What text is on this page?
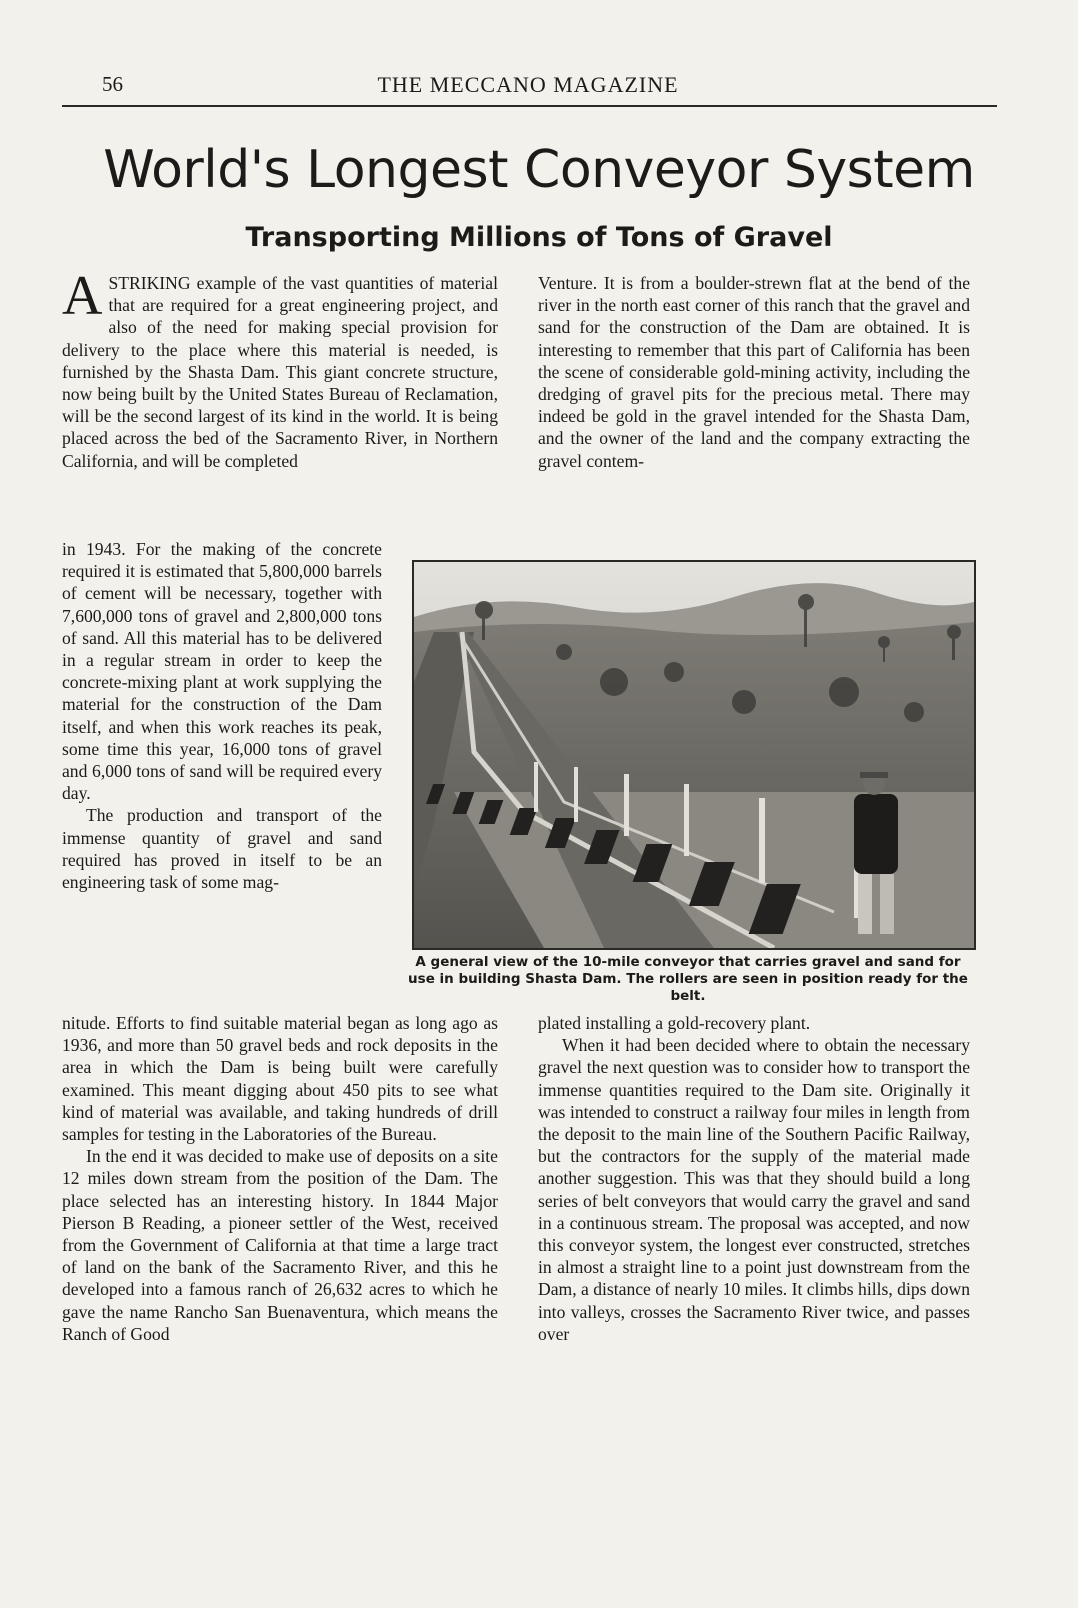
56	THE MECCANO MAGAZINE
World's Longest Conveyor System
Transporting Millions of Tons of Gravel

ASTRIKING example of the vast quantities of material that are required for a great engineering project, and also of the need for making special provision for delivery to the place where this material is needed, is furnished by the Shasta Dam. This giant concrete structure, now being built by the United States Bureau of Reclamation, will be the second largest of its kind in the world. It is being placed across the bed of the Sacramento River, in Northern California, and will be completed

in 1943. For the making of the concrete required it is estimated that 5,800,000 barrels of cement will be necessary, together with 7,600,000 tons of gravel and 2,800,000 tons of sand. All this material has to be delivered in a regular stream in order to keep the concrete-mixing plant at work supplying the material for the construction of the Dam itself, and when this work reaches its peak, some time this year, 16,000 tons of gravel and 6,000 tons of sand will be required every day.

The production and transport of the immense quantity of gravel and sand required has proved in itself to be an engineering task of some mag-

nitude. Efforts to find suitable material began as long ago as 1936, and more than 50 gravel beds and rock deposits in the area in which the Dam is being built were carefully examined. This meant digging about 450 pits to see what kind of material was available, and taking hundreds of drill samples for testing in the Laboratories of the Bureau.

In the end it was decided to make use of deposits on a site 12 miles down stream from the position of the Dam. The place selected has an interesting history. In 1844 Major Pierson B Reading, a pioneer settler of the West, received from the Government of California at that time a large tract of land on the bank of the Sacramento River, and this he developed into a famous ranch of 26,632 acres to which he gave the name Rancho San Buenaventura, which means the Ranch of Good

Venture. It is from a boulder-strewn flat at the bend of the river in the north east corner of this ranch that the gravel and sand for the construction of the Dam are obtained. It is interesting to remember that this part of California has been the scene of considerable gold-mining activity, including the dredging of gravel pits for the precious metal. There may indeed be gold in the gravel intended for the Shasta Dam, and the owner of the land and the company extracting the gravel contem-

A general view of the 10-mile conveyor that carries gravel and sand for use in building Shasta Dam. The rollers are seen in position ready for the belt.

plated installing a gold-recovery plant.

When it had been decided where to obtain the necessary gravel the next question was to consider how to transport the immense quantities required to the Dam site. Originally it was intended to construct a railway four miles in length from the deposit to the main line of the Southern Pacific Railway, but the contractors for the supply of the material made another suggestion. This was that they should build a long series of belt conveyors that would carry the gravel and sand in a continuous stream. The proposal was accepted, and now this conveyor system, the longest ever constructed, stretches in almost a straight line to a point just downstream from the Dam, a distance of nearly 10 miles. It climbs hills, dips down into valleys, crosses the Sacramento River twice, and passes over
